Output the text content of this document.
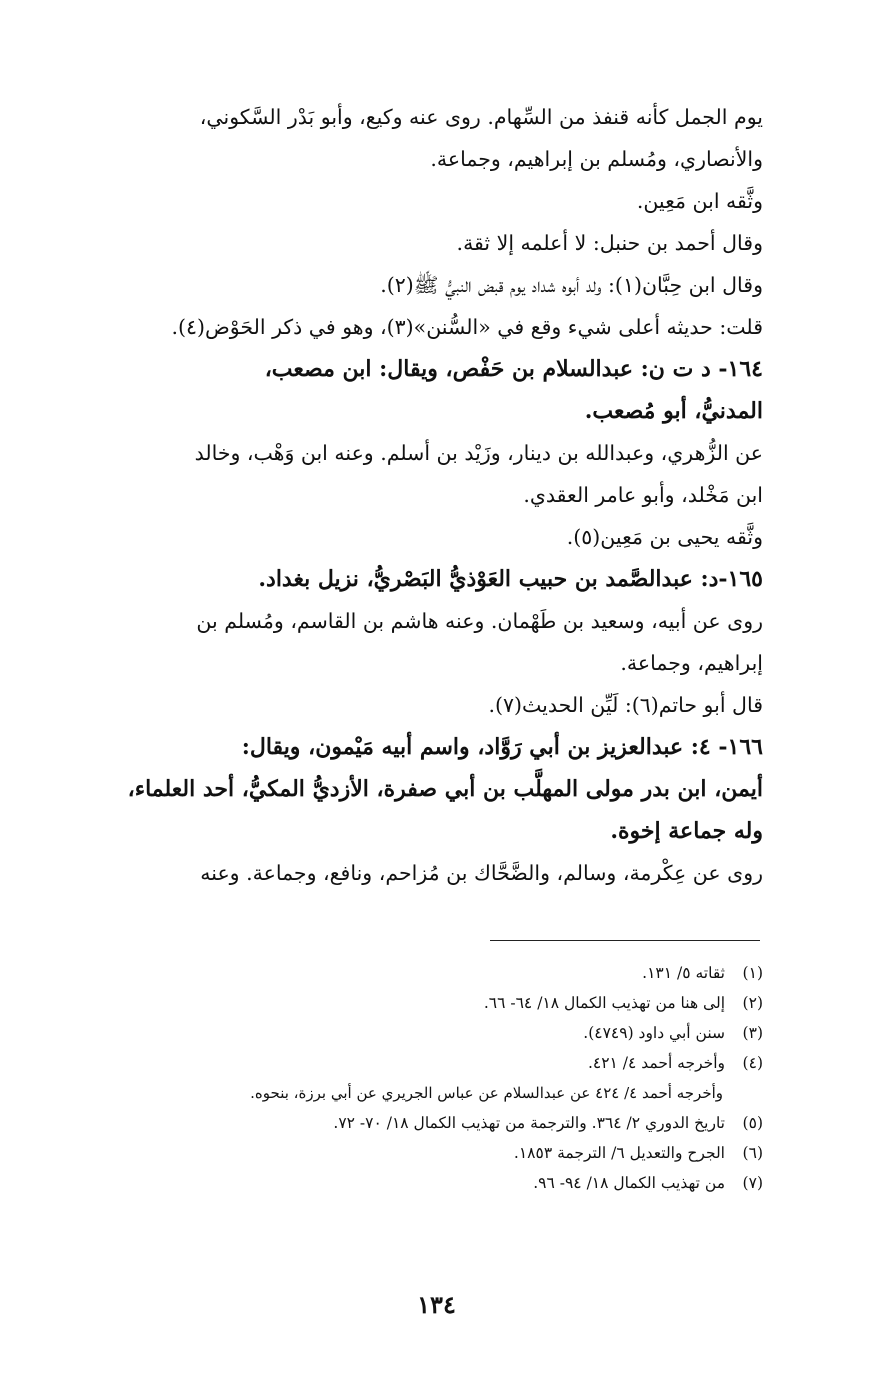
يوم الجمل كأنه قنفذ من السِّهام. روى عنه وكيع، وأبو بَدْر السَّكوني،
والأنصاري، ومُسلم بن إبراهيم، وجماعة.
وثَّقه ابن مَعِين.
وقال أحمد بن حنبل: لا أعلمه إلا ثقة.
وقال ابن حِبَّان(١): ولد أبوه شداد يوم قبض النبيُّ ﷺ(٢).
قلت: حديثه أعلى شيء وقع في «السُّنن»(٣)، وهو في ذكر الحَوْض(٤).
١٦٤- د ت ن: عبدالسلام بن حَفْص، ويقال: ابن مصعب،
المدنيُّ، أبو مُصعب.
عن الزُّهري، وعبدالله بن دينار، وزَيْد بن أسلم. وعنه ابن وَهْب، وخالد
ابن مَخْلد، وأبو عامر العقدي.
وثَّقه يحيى بن مَعِين(٥).
١٦٥-د: عبدالصَّمد بن حبيب العَوْذيُّ البَصْريُّ، نزيل بغداد.
روى عن أبيه، وسعيد بن طَهْمان. وعنه هاشم بن القاسم، ومُسلم بن
إبراهيم، وجماعة.
قال أبو حاتم(٦): لَيِّن الحديث(٧).
١٦٦- ٤: عبدالعزيز بن أبي رَوَّاد، واسم أبيه مَيْمون، ويقال:
أيمن، ابن بدر مولى المهلَّب بن أبي صفرة، الأزديُّ المكيُّ، أحد العلماء،
وله جماعة إخوة.
روى عن عِكْرمة، وسالم، والضَّحَّاك بن مُزاحم، ونافع، وجماعة. وعنه
(١)ثقاته ٥/ ١٣١.
(٢)إلى هنا من تهذيب الكمال ١٨/ ٦٤- ٦٦.
(٣)سنن أبي داود (٤٧٤٩).
(٤)وأخرجه أحمد ٤/ ٤٢١.
وأخرجه أحمد ٤/ ٤٢٤ عن عبدالسلام عن عباس الجريري عن أبي برزة، بنحوه.
(٥)تاريخ الدوري ٢/ ٣٦٤. والترجمة من تهذيب الكمال ١٨/ ٧٠- ٧٢.
(٦)الجرح والتعديل ٦/ الترجمة ١٨٥٣.
(٧)من تهذيب الكمال ١٨/ ٩٤- ٩٦.
١٣٤
